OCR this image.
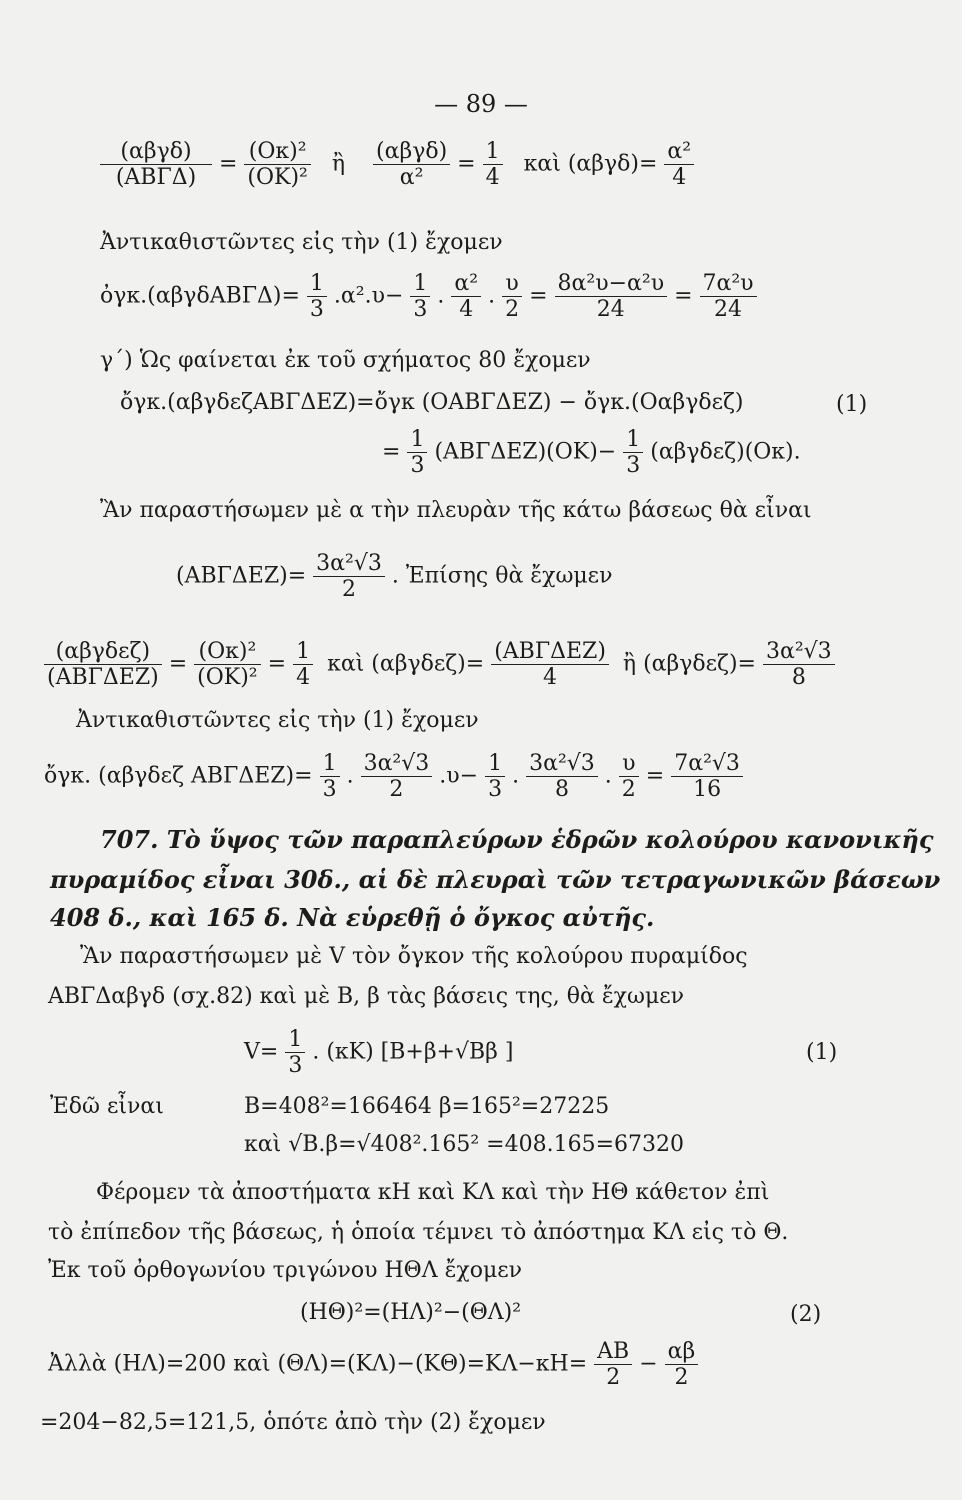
— 89 —
$\frac{\text{(αβγδ)}}{\text{(ΑΒΓΔ)}} = \frac{\text{(Οκ)²}}{\text{(ΟΚ)²}}$ ἢ $\frac{\text{(αβγδ)}}{\text{α²}} = \frac{1}{4}$ καὶ $(\alpha\beta\gamma\delta)= \frac{\text{α²}}{4}$
Ἀντικαθιστῶντες εἰς τὴν (1) ἔχομεν
ὀγκ.(αβγδΑΒΓΔ)= $\frac{1}{3} .\alpha^2.\upsilon- \frac{1}{3}$ . $\frac{\text{α²}}{4}$ . $\frac{\upsilon}{2} = \frac{\text{8α²υ−α²υ}}{24} = \frac{\text{7α²υ}}{24}$
γ΄) Ὡς φαίνεται ἐκ τοῦ σχήματος 80 ἔχομεν
ὄγκ.(αβγδεζΑΒΓΔΕΖ)=ὄγκ (ΟΑΒΓΔΕΖ) − ὄγκ.(Οαβγδεζ)	(1)
= $\frac{1}{3} (AB\Gamma\Delta EZ)(OK)- \frac{1}{3} (\alpha\beta\gamma\delta\varepsilon\zeta)(O\kappa)$.
Ἂν παραστήσωμεν μὲ α τὴν πλευρὰν τῆς κάτω βάσεως θὰ εἶναι
$(AB\Gamma\Delta EZ)= \frac{\text{3α²√3}}{2}$ . Ἐπίσης θὰ ἔχωμεν
$\frac{\text{(αβγδεζ)}}{\text{(ΑΒΓΔΕΖ)}} = \frac{\text{(Οκ)²}}{\text{(ΟΚ)²}} = \frac{1}{4}$ καὶ $(\alpha\beta\gamma\delta\varepsilon\zeta)= \frac{\text{(ΑΒΓΔΕΖ)}}{4}$ ἢ $(\alpha\beta\gamma\delta\varepsilon\zeta)= \frac{\text{3α²√3}}{8}$
Ἀντικαθιστῶντες εἰς τὴν (1) ἔχομεν
ὄγκ. (αβγδεζ $AB\Gamma\Delta EZ)= \frac{1}{3}$ . $\frac{\text{3α²√3}}{2} .\upsilon- \frac{1}{3}$ . $\frac{\text{3α²√3}}{8}$ . $\frac{\upsilon}{2} = \frac{\text{7α²√3}}{16}$
707. Τὸ ὕψος τῶν παραπλεύρων ἑδρῶν κολούρου κανονικῆς
πυραμίδος εἶναι 30δ., αἱ δὲ πλευραὶ τῶν τετραγωνικῶν βάσεων
408 δ., καὶ 165 δ. Νὰ εὑρεθῇ ὁ ὄγκος αὐτῆς.
Ἂν παραστήσωμεν μὲ V τὸν ὄγκον τῆς κολούρου πυραμίδος
ΑΒΓΔαβγδ (σχ.82) καὶ μὲ Β, β τὰς βάσεις της, θὰ ἔχωμεν
$V= \frac{1}{3}$ . (κΚ) [Β+β+√Ββ ]	(1)
Ἐδῶ εἶναι	Β=408²=166464 β=165²=27225
καὶ √Β.β=√408².165² =408.165=67320
Φέρομεν τὰ ἀποστήματα κΗ καὶ ΚΛ καὶ τὴν ΗΘ κάθετον ἐπὶ
τὸ ἐπίπεδον τῆς βάσεως, ἡ ὁποία τέμνει τὸ ἀπόστημα ΚΛ εἰς τὸ Θ.
Ἐκ τοῦ ὀρθογωνίου τριγώνου ΗΘΛ ἔχομεν
(ΗΘ)²=(ΗΛ)²−(ΘΛ)²	(2)
Ἀλλὰ (ΗΛ)=200 καὶ $(\Theta\Lambda)=(K\Lambda)-(K\Theta)=K\Lambda-\kappa H= \frac{AB}{2} - \frac{\alpha\beta}{2}$
=204−82,5=121,5, ὁπότε ἀπὸ τὴν (2) ἔχομεν
